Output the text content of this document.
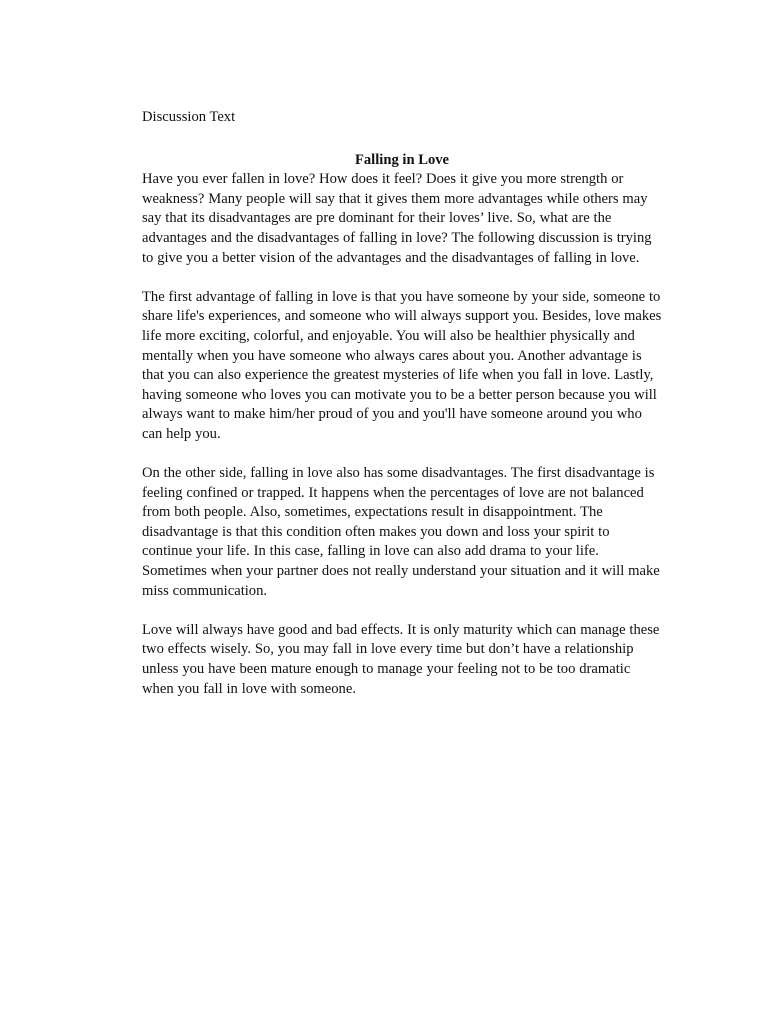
Discussion Text

Falling in Love

Have you ever fallen in love? How does it feel? Does it give you more strength or weakness? Many people will say that it gives them more advantages while others may say that its disadvantages are pre dominant for their loves’ live. So, what are the advantages and the disadvantages of falling in love? The following discussion is trying to give you a better vision of the advantages and the disadvantages of falling in love.

The first advantage of falling in love is that you have someone by your side, someone to share life's experiences, and someone who will always support you. Besides, love makes life more exciting, colorful, and enjoyable. You will also be healthier physically and mentally when you have someone who always cares about you. Another advantage is that you can also experience the greatest mysteries of life when you fall in love. Lastly, having someone who loves you can motivate you to be a better person because you will always want to make him/her proud of you and you'll have someone around you who can help you.

On the other side, falling in love also has some disadvantages. The first disadvantage is feeling confined or trapped. It happens when the percentages of love are not balanced from both people. Also, sometimes, expectations result in disappointment. The disadvantage is that this condition often makes you down and loss your spirit to continue your life. In this case, falling in love can also add drama to your life. Sometimes when your partner does not really understand your situation and it will make miss communication.

Love will always have good and bad effects. It is only maturity which can manage these two effects wisely. So, you may fall in love every time but don’t have a relationship unless you have been mature enough to manage your feeling not to be too dramatic when you fall in love with someone.
